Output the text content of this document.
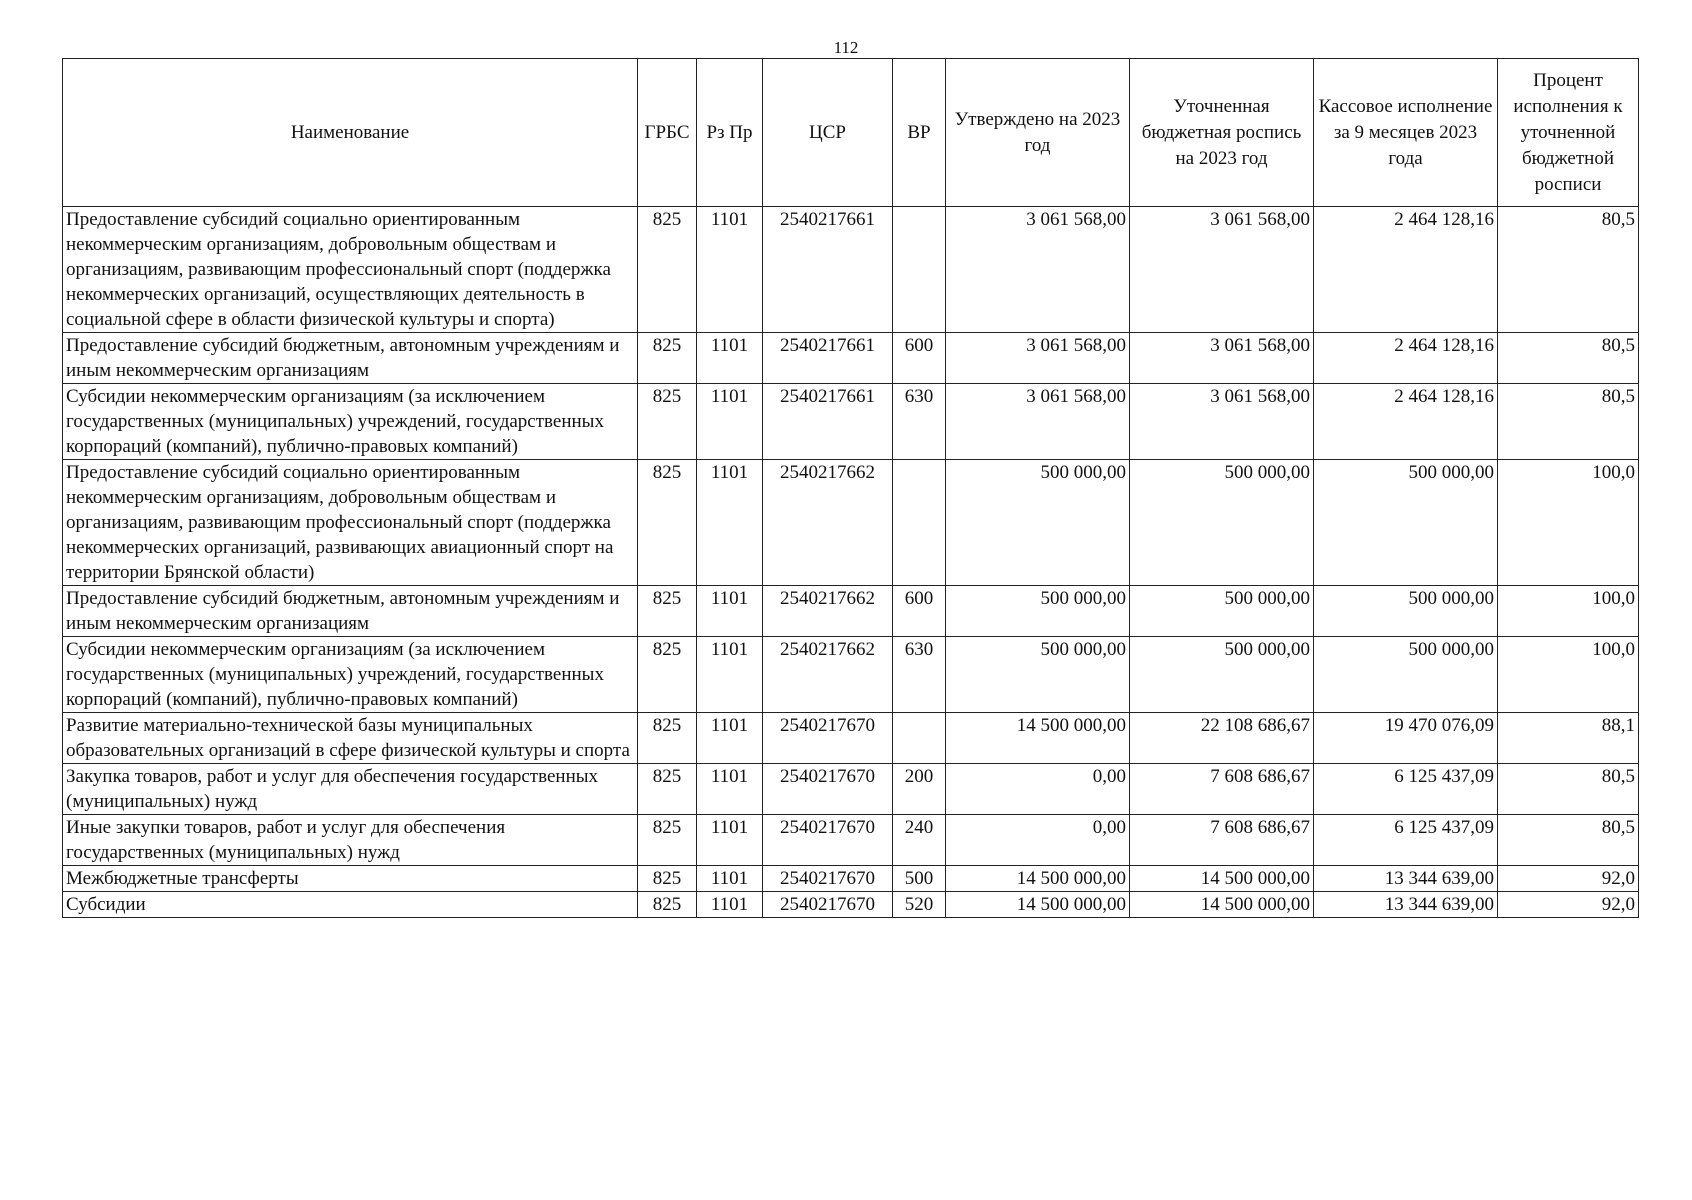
112
Наименование	ГРБС	Рз Пр	ЦСР	ВР	Утверждено на 2023 год	Уточненная бюджетная роспись на 2023 год	Кассовое исполнение за 9 месяцев 2023 года	Процент исполнения к уточненной бюджетной росписи
Предоставление субсидий социально ориентированным некоммерческим организациям, добровольным обществам и организациям, развивающим профессиональный спорт (поддержка некоммерческих организаций, осуществляющих деятельность в социальной сфере в области физической культуры и спорта)	825	1101	2540217661		3 061 568,00	3 061 568,00	2 464 128,16	80,5
Предоставление субсидий бюджетным, автономным учреждениям и иным некоммерческим организациям	825	1101	2540217661	600	3 061 568,00	3 061 568,00	2 464 128,16	80,5
Субсидии некоммерческим организациям (за исключением государственных (муниципальных) учреждений, государственных корпораций (компаний), публично-правовых компаний)	825	1101	2540217661	630	3 061 568,00	3 061 568,00	2 464 128,16	80,5
Предоставление субсидий социально ориентированным некоммерческим организациям, добровольным обществам и организациям, развивающим профессиональный спорт (поддержка некоммерческих организаций, развивающих авиационный спорт на территории Брянской области)	825	1101	2540217662		500 000,00	500 000,00	500 000,00	100,0
Предоставление субсидий бюджетным, автономным учреждениям и иным некоммерческим организациям	825	1101	2540217662	600	500 000,00	500 000,00	500 000,00	100,0
Субсидии некоммерческим организациям (за исключением государственных (муниципальных) учреждений, государственных корпораций (компаний), публично-правовых компаний)	825	1101	2540217662	630	500 000,00	500 000,00	500 000,00	100,0
Развитие материально-технической базы муниципальных образовательных организаций в сфере физической культуры и спорта	825	1101	2540217670		14 500 000,00	22 108 686,67	19 470 076,09	88,1
Закупка товаров, работ и услуг для обеспечения государственных (муниципальных) нужд	825	1101	2540217670	200	0,00	7 608 686,67	6 125 437,09	80,5
Иные закупки товаров, работ и услуг для обеспечения государственных (муниципальных) нужд	825	1101	2540217670	240	0,00	7 608 686,67	6 125 437,09	80,5
Межбюджетные трансферты	825	1101	2540217670	500	14 500 000,00	14 500 000,00	13 344 639,00	92,0
Субсидии	825	1101	2540217670	520	14 500 000,00	14 500 000,00	13 344 639,00	92,0
